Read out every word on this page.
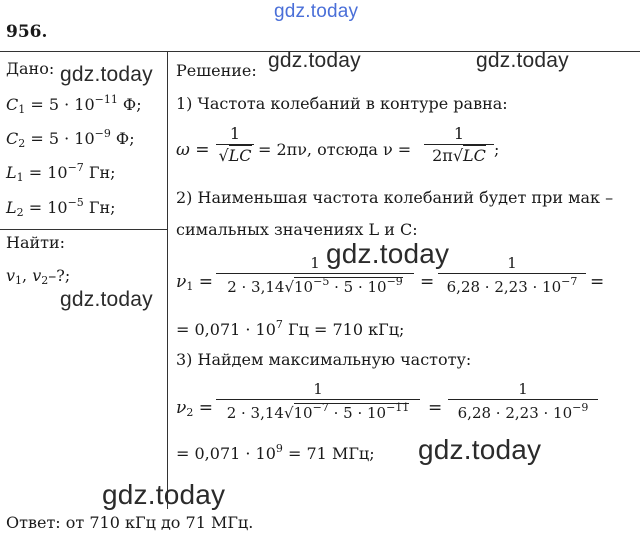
956.
gdz.today
Дано: gdz.today
$C_1 = 5 \cdot 10^{-11}$ Ф;
$C_2 = 5 \cdot 10^{-9}$ Ф;
$L_1 = 10^{-7}$ Гн;
$L_2 = 10^{-5}$ Гн;
Найти:
$v_1$, $v_2-$?;
gdz.today
Решение: gdz.today	gdz.today
1) Частота колебаний в контуре равна:
ω =
1
√LC = 2πν, отсюда ν =
1
2π√LC ;
2) Наименьшая частота колебаний будет при мак –
симальных значениях L и C:
gdz.today
$\nu_1$ =
1
$2 \cdot 3,14√10^{-5} \cdot 5 \cdot 10^{-9}$	=
1
$6,28 \cdot 2,23 \cdot 10^{-7}$ =
= $0,071 \cdot 10^7$ Гц = 710 кГц;
3) Найдем максимальную частоту:
$\nu_2$ =
1
$2 \cdot 3,14√10^{-7} \cdot 5 \cdot 10^{-11}$	=
1
$6,28 \cdot 2,23 \cdot 10^{-9}$
= $0,071 \cdot 10^9 = 71$ МГц; gdz.today
gdz.today
Ответ: от 710 кГц до 71 МГц.
